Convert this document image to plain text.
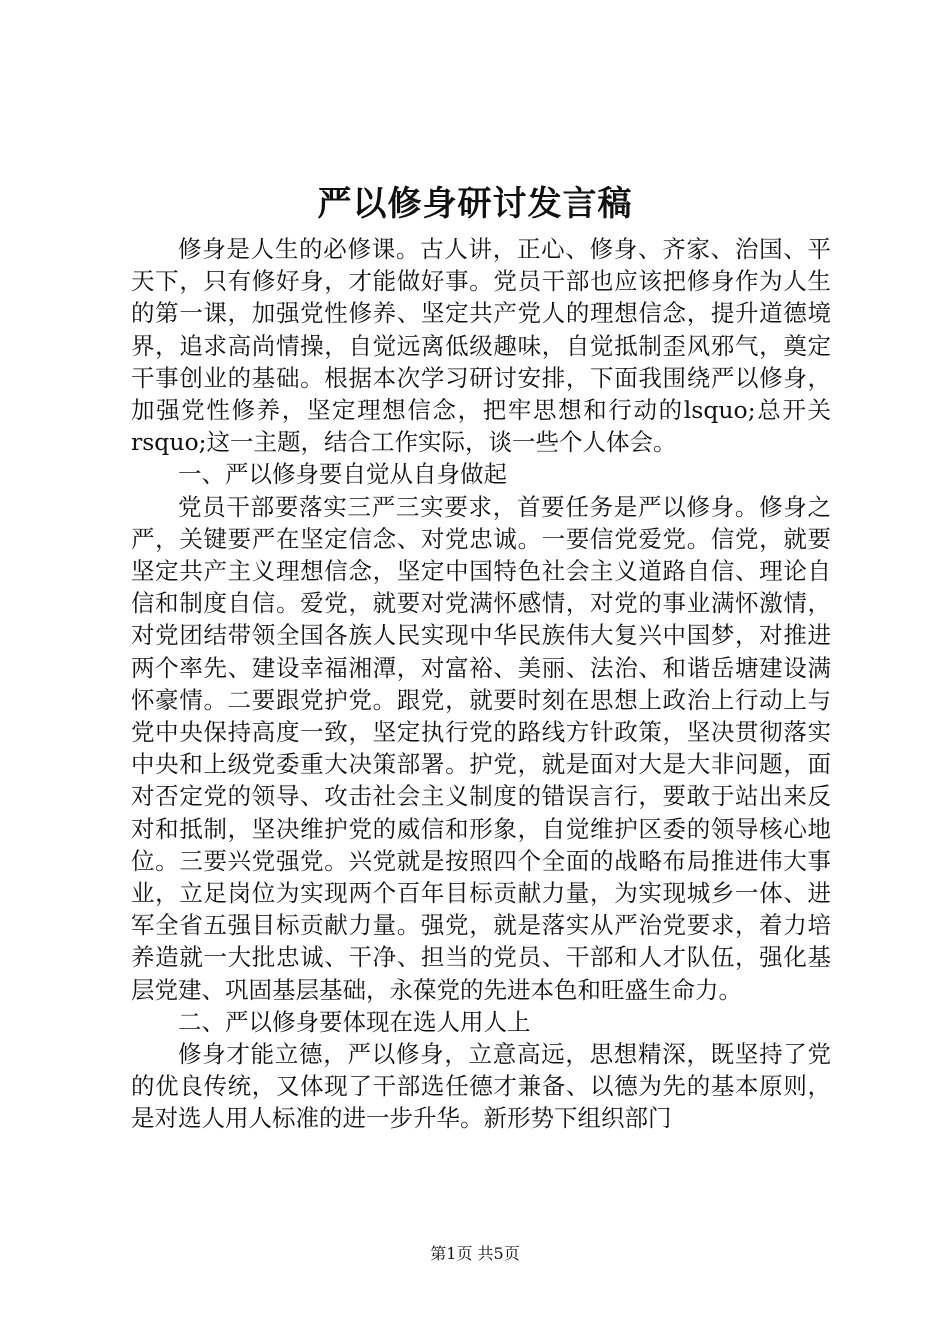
严以修身研讨发言稿

修身是人生的必修课。古人讲，正心、修身、齐家、治国、平天下，只有修好身，才能做好事。党员干部也应该把修身作为人生的第一课，加强党性修养、坚定共产党人的理想信念，提升道德境界，追求高尚情操，自觉远离低级趣味，自觉抵制歪风邪气，奠定干事创业的基础。根据本次学习研讨安排，下面我围绕严以修身，加强党性修养，坚定理想信念，把牢思想和行动的lsquo;总开关rsquo;这一主题，结合工作实际，谈一些个人体会。

一、严以修身要自觉从自身做起

党员干部要落实三严三实要求，首要任务是严以修身。修身之严，关键要严在坚定信念、对党忠诚。一要信党爱党。信党，就要坚定共产主义理想信念，坚定中国特色社会主义道路自信、理论自信和制度自信。爱党，就要对党满怀感情，对党的事业满怀激情，对党团结带领全国各族人民实现中华民族伟大复兴中国梦，对推进两个率先、建设幸福湘潭，对富裕、美丽、法治、和谐岳塘建设满怀豪情。二要跟党护党。跟党，就要时刻在思想上政治上行动上与党中央保持高度一致，坚定执行党的路线方针政策，坚决贯彻落实中央和上级党委重大决策部署。护党，就是面对大是大非问题，面对否定党的领导、攻击社会主义制度的错误言行，要敢于站出来反对和抵制，坚决维护党的威信和形象，自觉维护区委的领导核心地位。三要兴党强党。兴党就是按照四个全面的战略布局推进伟大事业，立足岗位为实现两个百年目标贡献力量，为实现城乡一体、进军全省五强目标贡献力量。强党，就是落实从严治党要求，着力培养造就一大批忠诚、干净、担当的党员、干部和人才队伍，强化基层党建、巩固基层基础，永葆党的先进本色和旺盛生命力。

二、严以修身要体现在选人用人上

修身才能立德，严以修身，立意高远，思想精深，既坚持了党的优良传统，又体现了干部选任德才兼备、以德为先的基本原则，是对选人用人标准的进一步升华。新形势下组织部门

第1页 共5页
